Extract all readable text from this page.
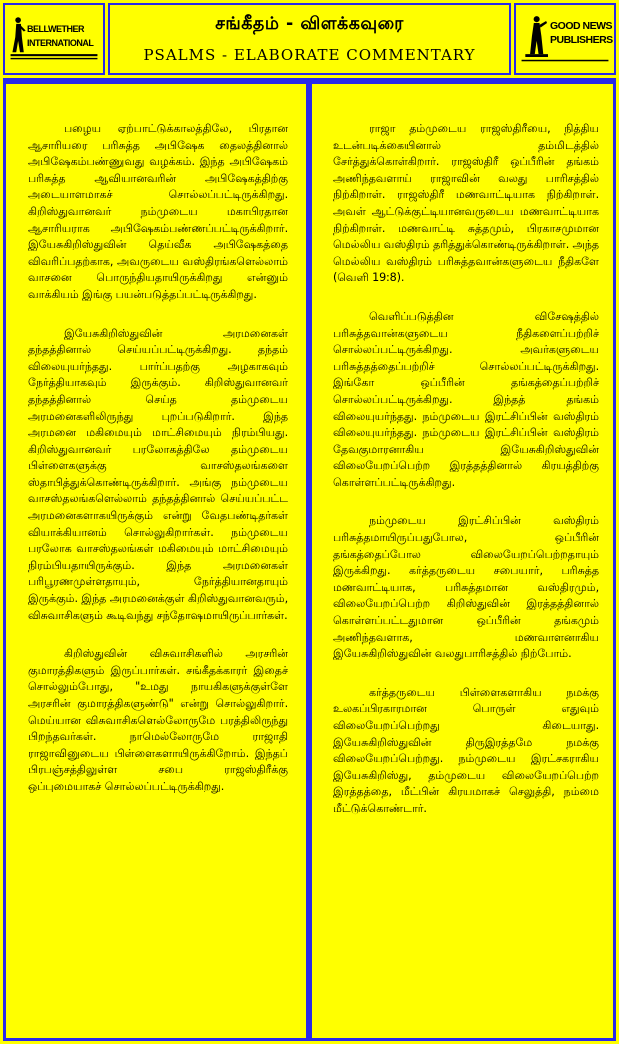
BELLWETHER
INTERNATIONAL
சங்கீதம் - விளக்கவுரை
PSALMS - ELABORATE COMMENTARY
GOOD NEWS
PUBLISHERS

பழைய ஏற்பாட்டுக்காலத்திலே, பிரதான ஆசாரியரை பரிசுத்த அபிஷேக தைலத்தினால் அபிஷேகம்பண்ணுவது வழக்கம். இந்த அபிஷேகம் பரிசுத்த ஆவியானவரின் அபிஷேகத்திற்கு அடையாளமாகச் சொல்லப்பட்டிருக்கிறது. கிறிஸ்துவானவர் நம்முடைய மகாபிரதான ஆசாரியராக அபிஷேகம்பண்ணப்பட்டிருக்கிறார். இயேசுகிறிஸ்துவின் தெய்வீக அபிஷேகத்தை விவரிப்பதற்காக, அவருடைய வஸ்திரங்களெல்லாம் வாசனை பொருந்தியதாயிருக்கிறது என்னும் வாக்கியம் இங்கு பயன்படுத்தப்பட்டிருக்கிறது.

இயேசுகிறிஸ்துவின் அரமனைகள் தந்தத்தினால் செய்யப்பட்டிருக்கிறது. தந்தம் விலையுயர்ந்தது. பார்ப்பதற்கு அழகாகவும் நேர்த்தியாகவும் இருக்கும். கிறிஸ்துவானவர் தந்தத்தினால் செய்த தம்முடைய அரமனைகளிலிருந்து புறப்படுகிறார். இந்த அரமனை மகிமையும் மாட்சிமையும் நிரம்பியது. கிறிஸ்துவானவர் பரலோகத்திலே தம்முடைய பிள்ளைகளுக்கு வாசஸ்தலங்களை ஸ்தாபித்துக்கொண்டிருக்கிறார். அங்கு நம்முடைய வாசஸ்தலங்களெல்லாம் தந்தத்தினால் செய்யப்பட்ட அரமனைகளாகயிருக்கும் என்று வேதபண்டிதர்கள் வியாக்கியானம் சொல்லுகிறார்கள். நம்முடைய பரலோக வாசஸ்தலங்கள் மகிமையும் மாட்சிமையும் நிரம்பியதாயிருக்கும். இந்த அரமனைகள் பரிபூரணமுள்ளதாயும், நேர்த்தியானதாயும் இருக்கும். இந்த அரமனைக்குள் கிறிஸ்துவானவரும், விசுவாசிகளும் கூடிவந்து சந்தோஷமாயிருப்பார்கள்.

கிறிஸ்துவின் விசுவாசிகளில் அரசரின் குமாரத்திகளும் இருப்பார்கள். சங்கீதக்காரர் இதைச் சொல்லும்போது, "உமது நாயகிகளுக்குள்ளே அரசரின் குமாரத்திகளுண்டு" என்று சொல்லுகிறார். மெய்யான விசுவாசிகளெல்லோருமே பரத்திலிருந்து பிறந்தவர்கள். நாமெல்லோருமே ராஜாதி ராஜாவினுடைய பிள்ளைகளாயிருக்கிறோம். இந்தப் பிரபஞ்சத்திலுள்ள சபை ராஜஸ்திரீக்கு ஒப்புமையாகச் சொல்லப்பட்டிருக்கிறது.

ராஜா தம்முடைய ராஜஸ்திரீயை, நித்திய உடன்படிக்கையினால் தம்மிடத்தில் சேர்த்துக்கொள்கிறார். ராஜஸ்திரீ ஒப்பீரின் தங்கம் அணிந்தவளாய் ராஜாவின் வலது பாரிசத்தில் நிற்கிறாள். ராஜஸ்திரீ மணவாட்டியாக நிற்கிறாள். அவள் ஆட்டுக்குட்டியானவருடைய மணவாட்டியாக நிற்கிறாள். மணவாட்டி சுத்தமும், பிரகாசமுமான மெல்லிய வஸ்திரம் தரித்துக்கொண்டிருக்கிறாள். அந்த மெல்லிய வஸ்திரம் பரிசுத்தவான்களுடைய நீதிகளே (வெளி 19:8).

வெளிப்படுத்தின விசேஷத்தில் பரிசுத்தவான்களுடைய நீதிகளைப்பற்றிச் சொல்லப்பட்டிருக்கிறது. அவர்களுடைய பரிசுத்தத்தைப்பற்றிச் சொல்லப்பட்டிருக்கிறது. இங்கோ ஒப்பீரின் தங்கத்தைப்பற்றிச் சொல்லப்பட்டிருக்கிறது. இந்தத் தங்கம் விலையுயர்ந்தது. நம்முடைய இரட்சிப்பின் வஸ்திரம் விலையுயர்ந்தது. நம்முடைய இரட்சிப்பின் வஸ்திரம் தேவகுமாரனாகிய இயேசுகிறிஸ்துவின் விலையேறப்பெற்ற இரத்தத்தினால் கிரயத்திற்கு கொள்ளப்பட்டிருக்கிறது.

நம்முடைய இரட்சிப்பின் வஸ்திரம் பரிசுத்தமாயிருப்பதுபோல, ஒப்பீரின் தங்கத்தைப்போல விலையேறப்பெற்றதாயும் இருக்கிறது. கர்த்தருடைய சபையார், பரிசுத்த மணவாட்டியாக, பரிசுத்தமான வஸ்திரமும், விலையேறப்பெற்ற கிறிஸ்துவின் இரத்தத்தினால் கொள்ளப்பட்டதுமான ஒப்பீரின் தங்கமும் அணிந்தவளாக, மணவாளனாகிய இயேசுகிறிஸ்துவின் வலதுபாரிசத்தில் நிற்போம்.

கர்த்தருடைய பிள்ளைகளாகிய நமக்கு உலகப்பிரகாரமான பொருள் எதுவும் விலையேறப்பெற்றது கிடையாது. இயேசுகிறிஸ்துவின் திருஇரத்தமே நமக்கு விலையேறப்பெற்றது. நம்முடைய இரட்சகராகிய இயேசுகிறிஸ்து, தம்முடைய விலையேறப்பெற்ற இரத்தத்தை, மீட்பின் கிரயமாகச் செலுத்தி, நம்மை மீட்டுக்கொண்டார்.
